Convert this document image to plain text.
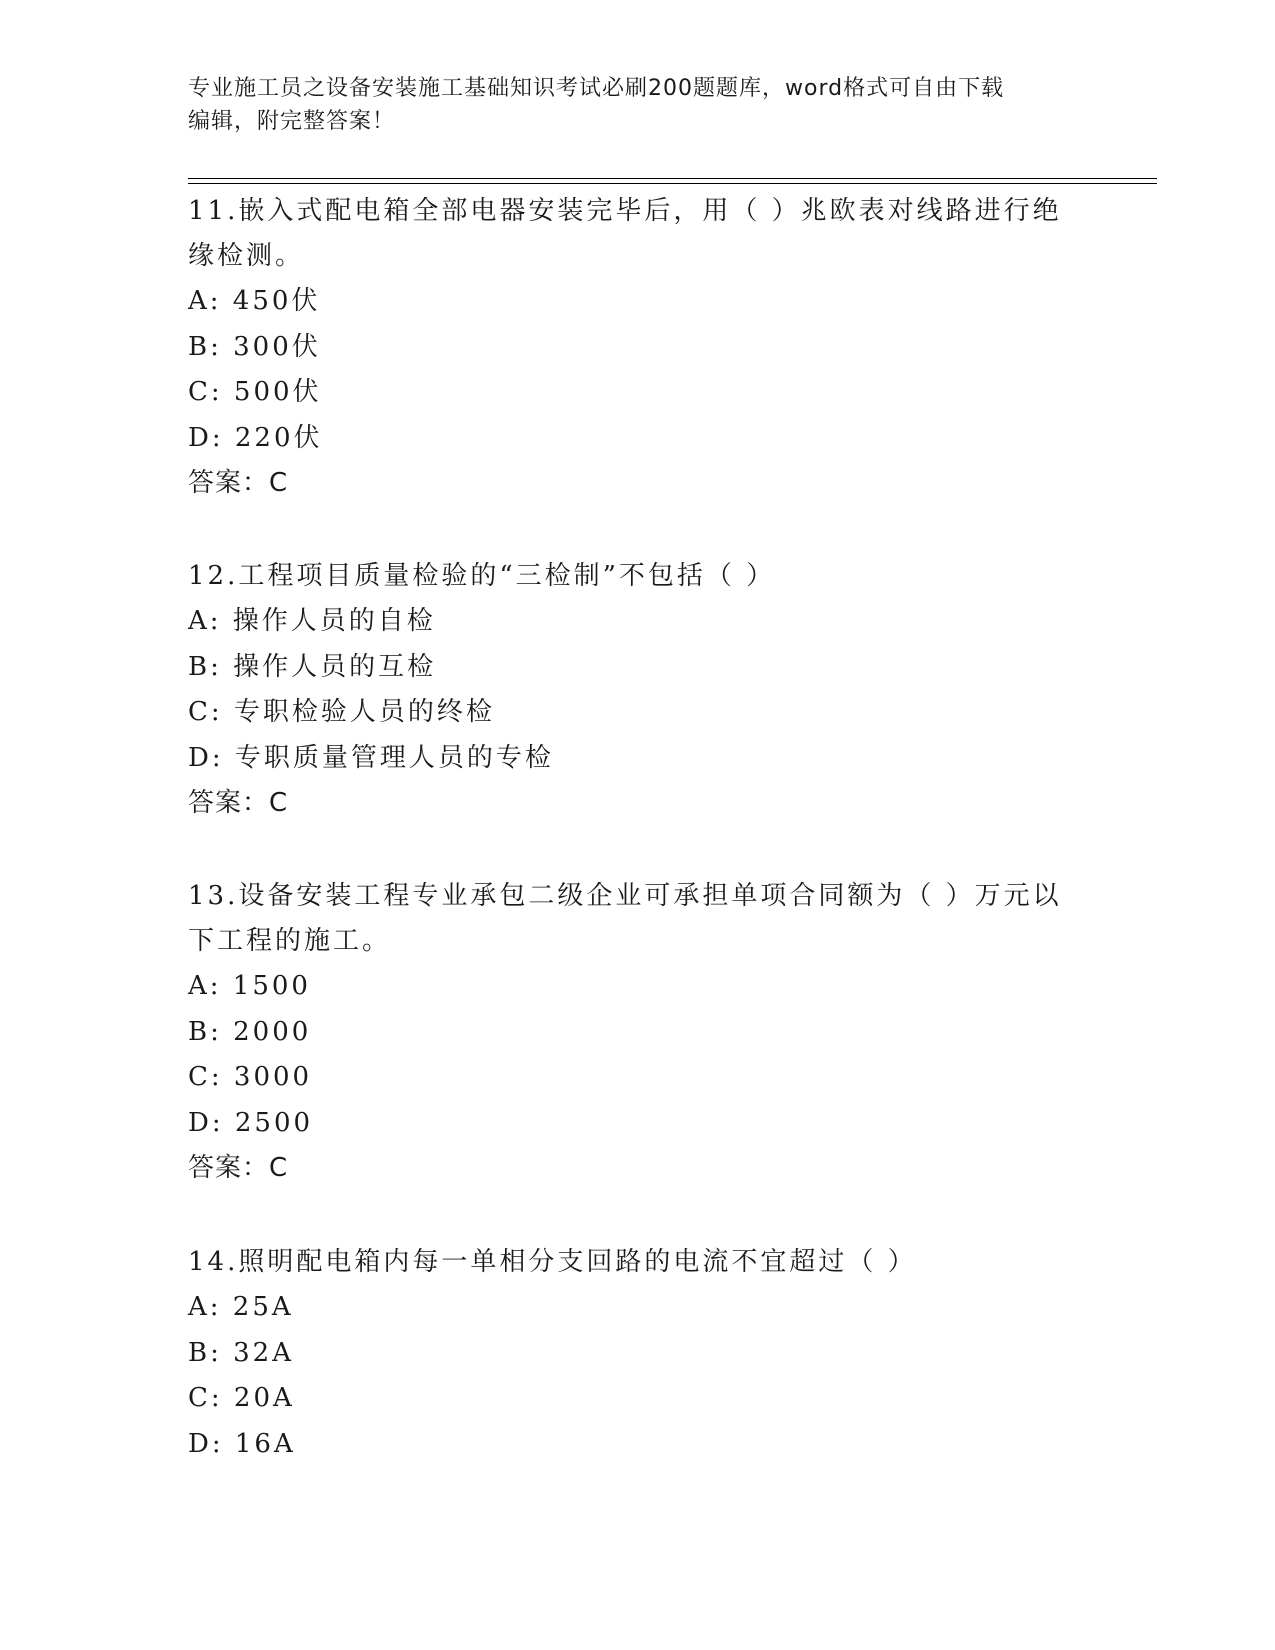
专业施工员之设备安装施工基础知识考试必刷200题题库，word格式可自由下载
编辑，附完整答案！

11.嵌入式配电箱全部电器安装完毕后，用（ ）兆欧表对线路进行绝

缘检测。

A: 450伏

B: 300伏

C: 500伏

D: 220伏

答案：C

12.工程项目质量检验的“三检制”不包括（ ）

A: 操作人员的自检

B: 操作人员的互检

C: 专职检验人员的终检

D: 专职质量管理人员的专检

答案：C

13.设备安装工程专业承包二级企业可承担单项合同额为（ ）万元以

下工程的施工。

A: 1500

B: 2000

C: 3000

D: 2500

答案：C

14.照明配电箱内每一单相分支回路的电流不宜超过（ ）

A: 25A

B: 32A

C: 20A

D: 16A
